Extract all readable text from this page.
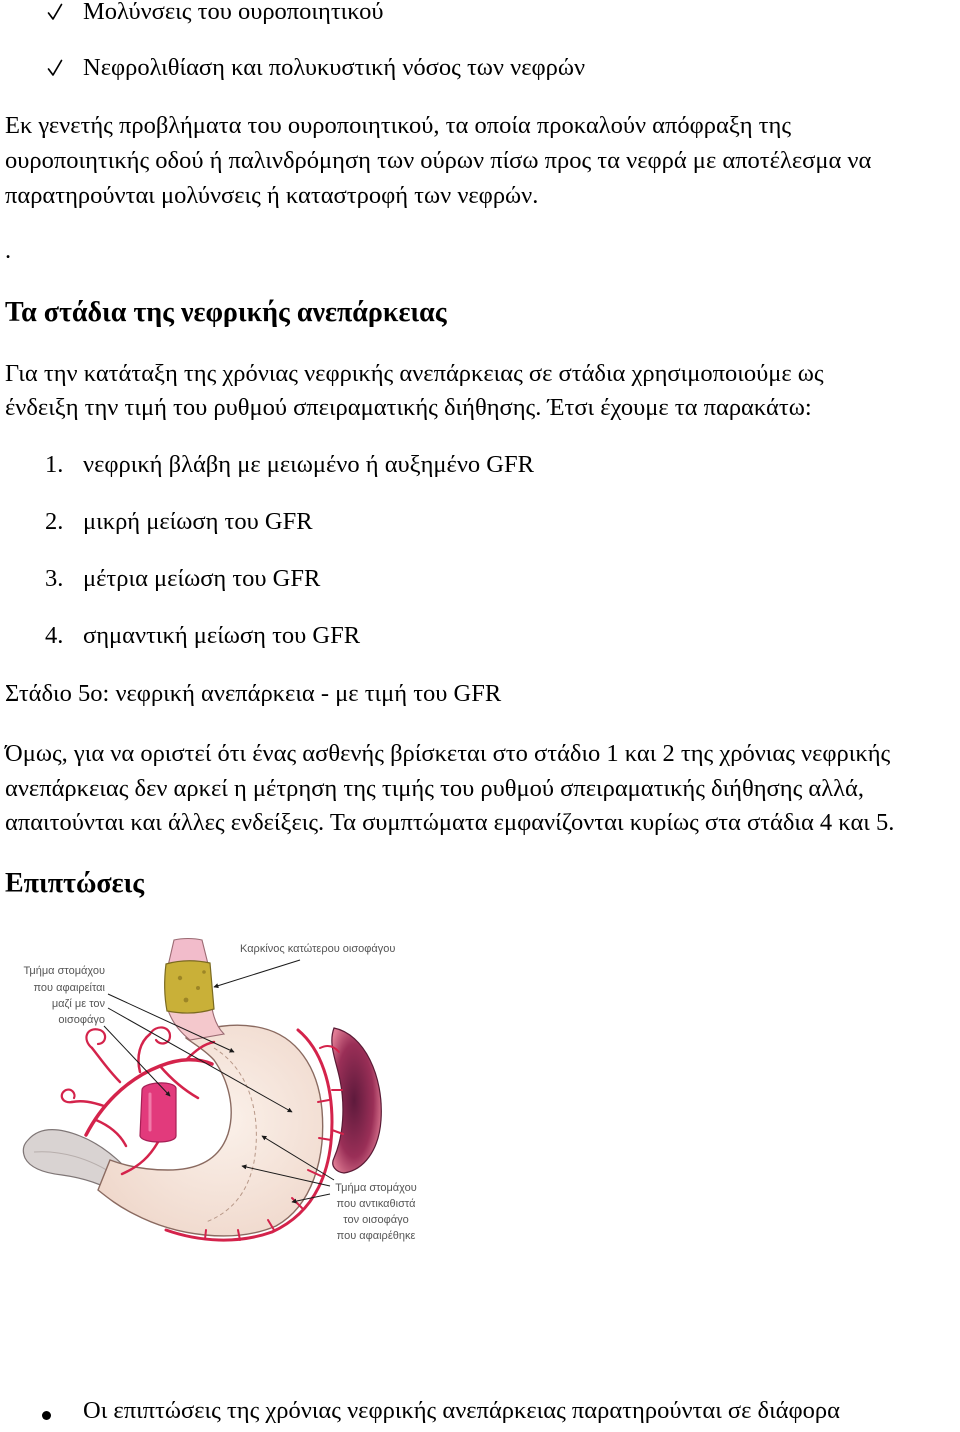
Μολύνσεις του ουροποιητικού
Νεφρολιθίαση και πολυκυστική νόσος των νεφρών
Εκ γενετής προβλήματα του ουροποιητικού, τα οποία προκαλούν απόφραξη της
ουροποιητικής οδού ή παλινδρόμηση των ούρων πίσω προς τα νεφρά με αποτέλεσμα να
παρατηρούνται μολύνσεις ή καταστροφή των νεφρών.
.
Τα στάδια της νεφρικής ανεπάρκειας
Για την κατάταξη της χρόνιας νεφρικής ανεπάρκειας σε στάδια χρησιμοποιούμε ως
ένδειξη την τιμή του ρυθμού σπειραματικής διήθησης. Έτσι έχουμε τα παρακάτω:
1. νεφρική βλάβη με μειωμένο ή αυξημένο GFR
2. μικρή μείωση του GFR
3. μέτρια μείωση του GFR
4. σημαντική μείωση του GFR
Στάδιο 5ο: νεφρική ανεπάρκεια - με τιμή του GFR
Όμως, για να οριστεί ότι ένας ασθενής βρίσκεται στο στάδιο 1 και 2 της χρόνιας νεφρικής
ανεπάρκειας δεν αρκεί η μέτρηση της τιμής του ρυθμού σπειραματικής διήθησης αλλά,
απαιτούνται και άλλες ενδείξεις. Τα συμπτώματα εμφανίζονται κυρίως στα στάδια 4 και 5.
Επιπτώσεις
Καρκίνος κατώτερου οισοφάγου
Τμήμα στομάχου
που αφαιρείται
μαζί με τον
οισοφάγο
Τμήμα στομάχου
που αντικαθιστά
τον οισοφάγο
που αφαιρέθηκε
Οι επιπτώσεις της χρόνιας νεφρικής ανεπάρκειας παρατηρούνται σε διάφορα
